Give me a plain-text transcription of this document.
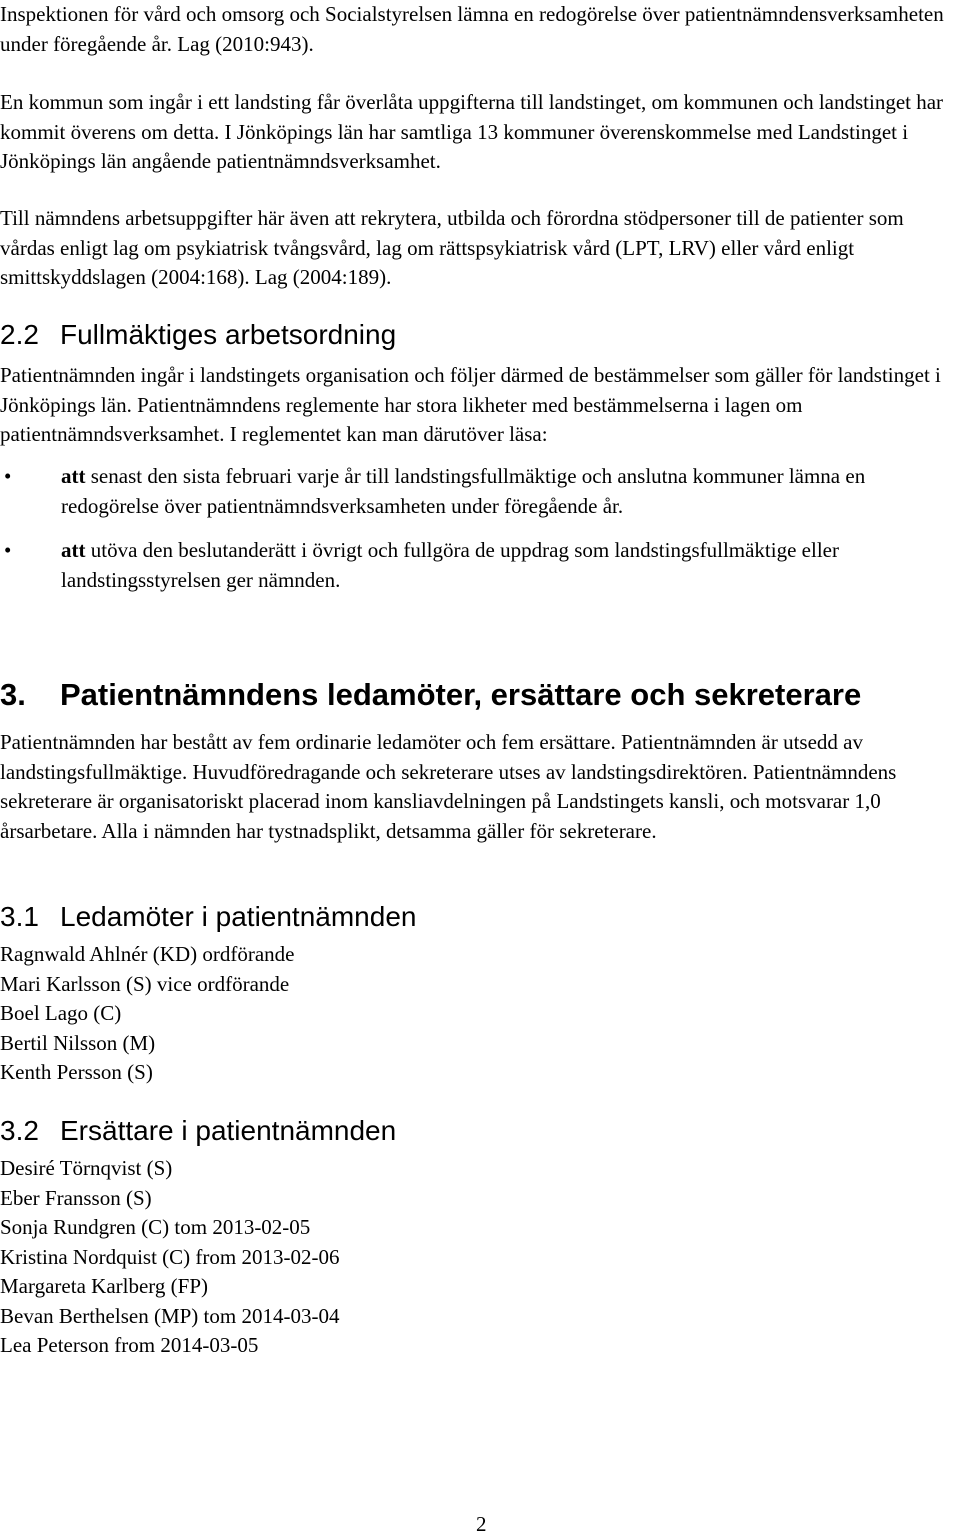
Inspektionen för vård och omsorg och Socialstyrelsen lämna en redogörelse över patientnämndensverksamheten under föregående år. Lag (2010:943).

En kommun som ingår i ett landsting får överlåta uppgifterna till landstinget, om kommunen och landstinget har kommit överens om detta. I Jönköpings län har samtliga 13 kommuner överenskommelse med Landstinget i Jönköpings län angående patientnämndsverksamhet.

Till nämndens arbetsuppgifter här även att rekrytera, utbilda och förordna stödpersoner till de patienter som vårdas enligt lag om psykiatrisk tvångsvård, lag om rättspsykiatrisk vård (LPT, LRV) eller vård enligt smittskyddslagen (2004:168). Lag (2004:189).

2.2 Fullmäktiges arbetsordning

Patientnämnden ingår i landstingets organisation och följer därmed de bestämmelser som gäller för landstinget i Jönköpings län. Patientnämndens reglemente har stora likheter med bestämmelserna i lagen om patientnämndsverksamhet. I reglementet kan man därutöver läsa:

• att senast den sista februari varje år till landstingsfullmäktige och anslutna kommuner lämna en redogörelse över patientnämndsverksamheten under föregående år.
• att utöva den beslutanderätt i övrigt och fullgöra de uppdrag som landstingsfullmäktige eller landstingsstyrelsen ger nämnden.
3. Patientnämndens ledamöter, ersättare och sekreterare

Patientnämnden har bestått av fem ordinarie ledamöter och fem ersättare. Patientnämnden är utsedd av landstingsfullmäktige. Huvudföredragande och sekreterare utses av landstingsdirektören. Patientnämndens sekreterare är organisatoriskt placerad inom kansliavdelningen på Landstingets kansli, och motsvarar 1,0 årsarbetare. Alla i nämnden har tystnadsplikt, detsamma gäller för sekreterare.

3.1 Ledamöter i patientnämnden
Ragnwald Ahlnér (KD) ordförande
Mari Karlsson (S) vice ordförande
Boel Lago (C)
Bertil Nilsson (M)
Kenth Persson (S)
3.2 Ersättare i patientnämnden
Desiré Törnqvist (S)
Eber Fransson (S)
Sonja Rundgren (C) tom 2013-02-05
Kristina Nordquist (C) from 2013-02-06
Margareta Karlberg (FP)
Bevan Berthelsen (MP) tom 2014-03-04
Lea Peterson from 2014-03-05
2
